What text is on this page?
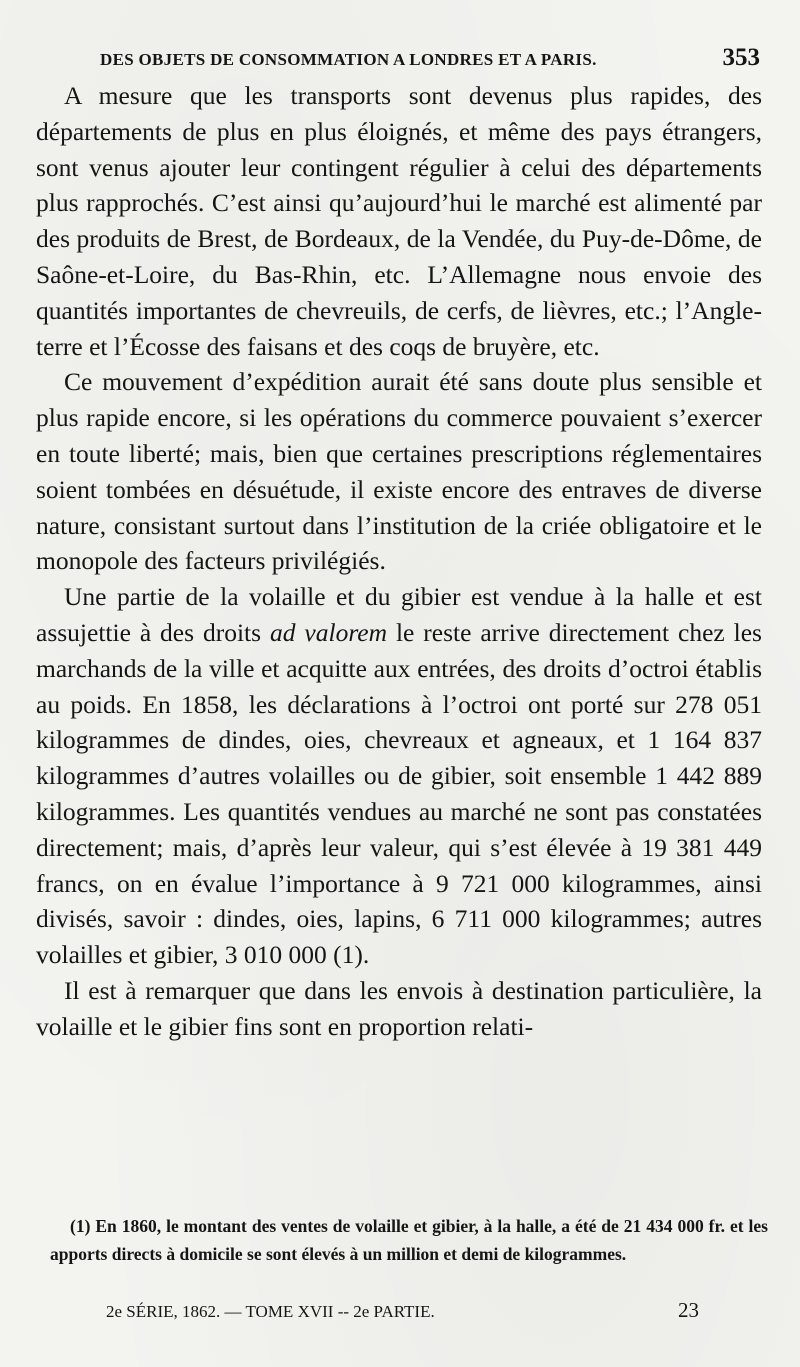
DES OBJETS DE CONSOMMATION A LONDRES ET A PARIS.	353

A mesure que les transports sont devenus plus rapides, des départements de plus en plus éloignés, et même des pays étrangers, sont venus ajouter leur contingent régulier à celui des départements plus rapprochés. C’est ainsi qu’aujourd’hui le marché est alimenté par des produits de Brest, de Bordeaux, de la Vendée, du Puy-de-Dôme, de Saône-et-Loire, du Bas-Rhin, etc. L’Allemagne nous envoie des quantités importantes de chevreuils, de cerfs, de lièvres, etc.; l’Angleterre et l’Écosse des faisans et des coqs de bruyère, etc.

Ce mouvement d’expédition aurait été sans doute plus sensible et plus rapide encore, si les opérations du commerce pouvaient s’exercer en toute liberté; mais, bien que certaines prescriptions réglementaires soient tombées en désuétude, il existe encore des entraves de diverse nature, consistant surtout dans l’institution de la criée obligatoire et le monopole des facteurs privilégiés.

Une partie de la volaille et du gibier est vendue à la halle et est assujettie à des droits ad valorem le reste arrive directement chez les marchands de la ville et acquitte aux entrées, des droits d’octroi établis au poids. En 1858, les déclarations à l’octroi ont porté sur 278 051 kilogrammes de dindes, oies, chevreaux et agneaux, et 1 164 837 kilogrammes d’autres volailles ou de gibier, soit ensemble 1 442 889 kilogrammes. Les quantités vendues au marché ne sont pas constatées directement; mais, d’après leur valeur, qui s’est élevée à 19 381 449 francs, on en évalue l’importance à 9 721 000 kilogrammes, ainsi divisés, savoir : dindes, oies, lapins, 6 711 000 kilogrammes; autres volailles et gibier, 3 010 000 (1).

Il est à remarquer que dans les envois à destination particulière, la volaille et le gibier fins sont en proportion relati-

(1) En 1860, le montant des ventes de volaille et gibier, à la halle, a été de 21 434 000 fr. et les apports directs à domicile se sont élevés à un million et demi de kilogrammes.

2e SÉRIE, 1862. — TOME XVII -- 2e PARTIE.	23
